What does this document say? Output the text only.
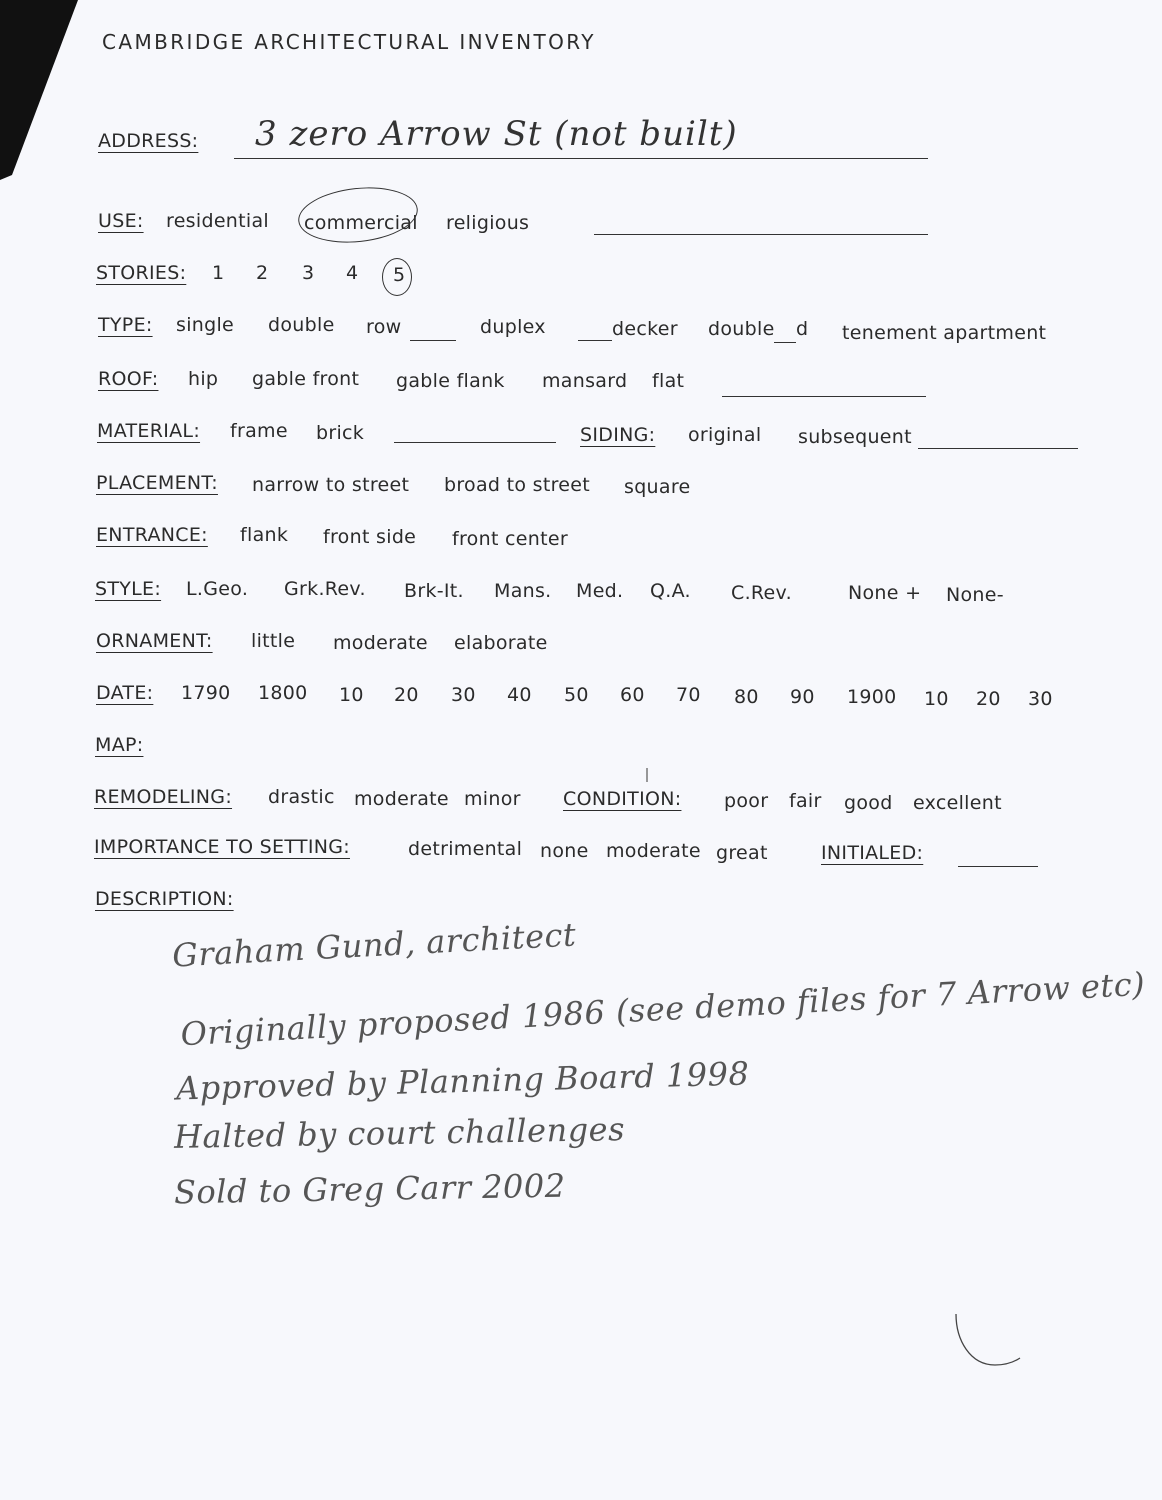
CAMBRIDGE ARCHITECTURAL INVENTORY
ADDRESS: 3 zero Arrow St (not built)
USE: residential commercial religious
STORIES: 1 2 3 4 5
TYPE: single double row	duplex	decker double d tenement apartment
ROOF: hip gable front gable flank mansard flat
MATERIAL: frame brick	SIDING: original subsequent
PLACEMENT: narrow to street broad to street square
ENTRANCE: flank front side front center
STYLE: L.Geo. Grk.Rev. Brk-It. Mans. Med. Q.A. C.Rev.	None + None-
ORNAMENT: little moderate elaborate
DATE: 1790 1800 10 20 30 40 50 60 70 80 90 1900 10 20 30
MAP:
REMODELING: drastic moderate minor CONDITION: poor fair good excellent
IMPORTANCE TO SETTING:	detrimental none moderate great	INITIALED:
DESCRIPTION:
Graham Gund, architect
Originally proposed 1986 (see demo files for 7 Arrow etc)
Approved by Planning Board 1998
Halted by court challenges
Sold to Greg Carr 2002
